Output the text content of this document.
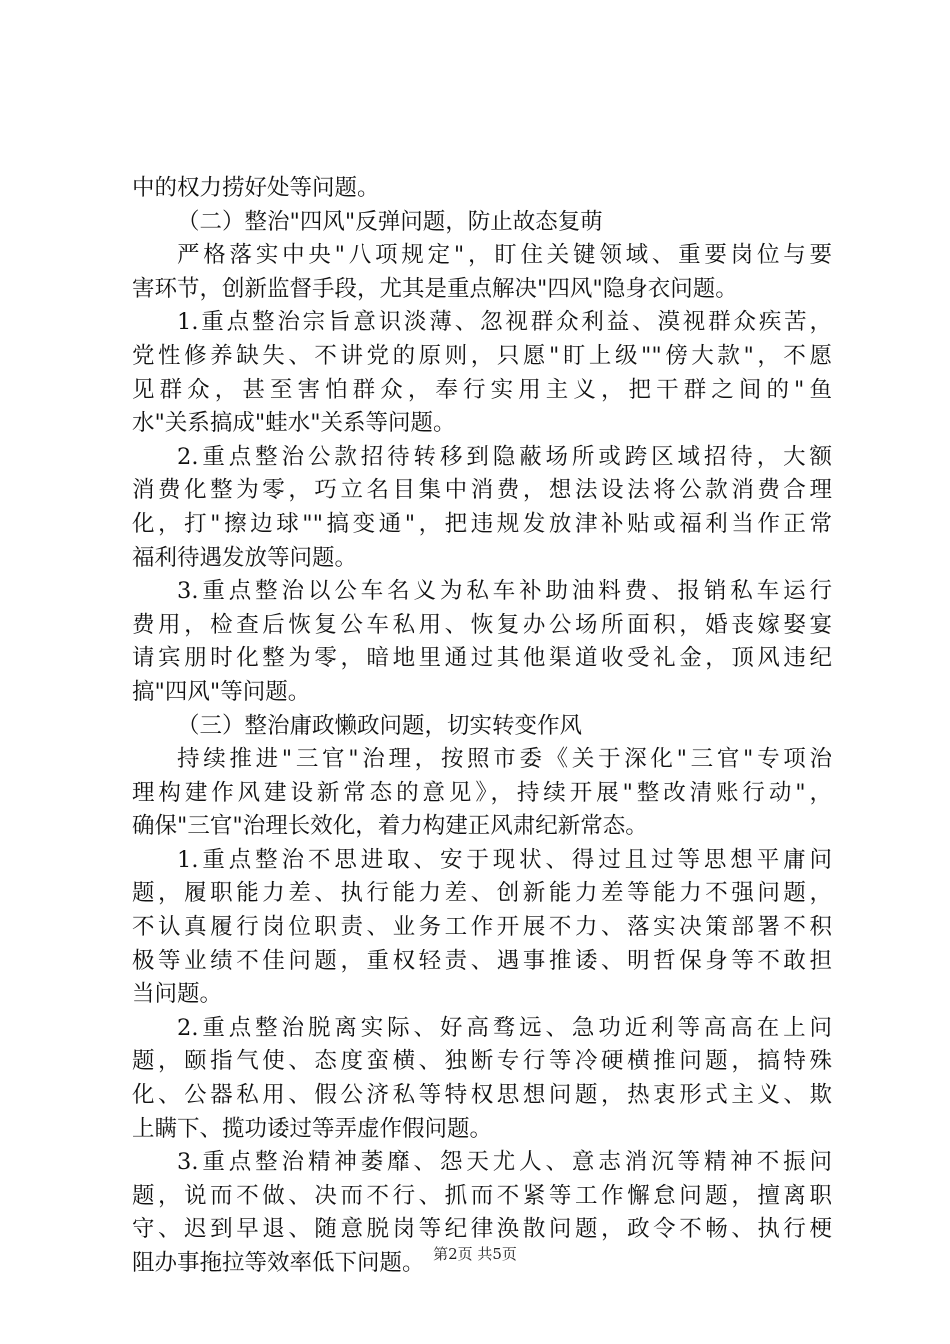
中的权力捞好处等问题。
（二）整治"四风"反弹问题，防止故态复萌
严格落实中央"八项规定"，盯住关键领域、重要岗位与要
害环节，创新监督手段，尤其是重点解决"四风"隐身衣问题。
1.重点整治宗旨意识淡薄、忽视群众利益、漠视群众疾苦，
党性修养缺失、不讲党的原则，只愿"盯上级""傍大款"，不愿
见群众，甚至害怕群众，奉行实用主义，把干群之间的"鱼
水"关系搞成"蛙水"关系等问题。
2.重点整治公款招待转移到隐蔽场所或跨区域招待，大额
消费化整为零，巧立名目集中消费，想法设法将公款消费合理
化，打"擦边球""搞变通"，把违规发放津补贴或福利当作正常
福利待遇发放等问题。
3.重点整治以公车名义为私车补助油料费、报销私车运行
费用，检查后恢复公车私用、恢复办公场所面积，婚丧嫁娶宴
请宾朋时化整为零，暗地里通过其他渠道收受礼金，顶风违纪
搞"四风"等问题。
（三）整治庸政懒政问题，切实转变作风
持续推进"三官"治理，按照市委《关于深化"三官"专项治
理构建作风建设新常态的意见》，持续开展"整改清账行动"，
确保"三官"治理长效化，着力构建正风肃纪新常态。
1.重点整治不思进取、安于现状、得过且过等思想平庸问
题，履职能力差、执行能力差、创新能力差等能力不强问题，
不认真履行岗位职责、业务工作开展不力、落实决策部署不积
极等业绩不佳问题，重权轻责、遇事推诿、明哲保身等不敢担
当问题。
2.重点整治脱离实际、好高骛远、急功近利等高高在上问
题，颐指气使、态度蛮横、独断专行等冷硬横推问题，搞特殊
化、公器私用、假公济私等特权思想问题，热衷形式主义、欺
上瞒下、揽功诿过等弄虚作假问题。
3.重点整治精神萎靡、怨天尤人、意志消沉等精神不振问
题，说而不做、决而不行、抓而不紧等工作懈怠问题，擅离职
守、迟到早退、随意脱岗等纪律涣散问题，政令不畅、执行梗
阻办事拖拉等效率低下问题。 第2页 共5页
